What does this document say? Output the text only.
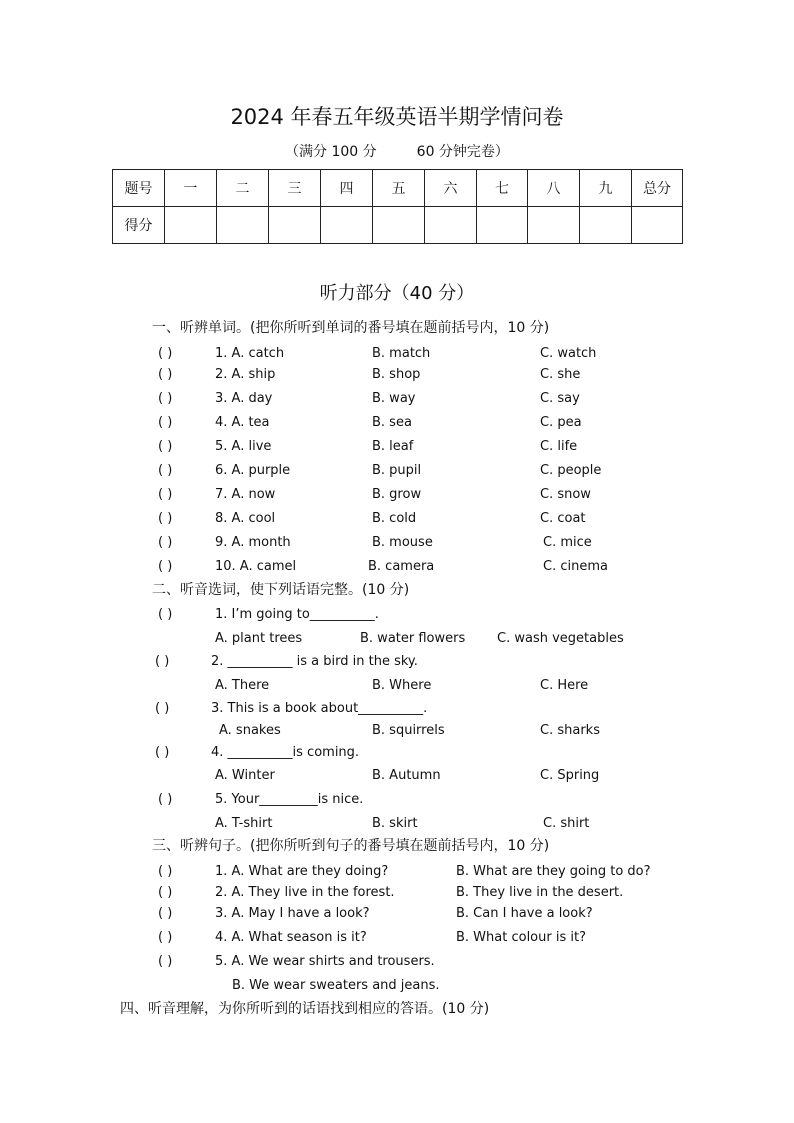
2024 年春五年级英语半期学情问卷
（满分 100 分	60 分钟完卷）
题号	一	二	三	四	五	六	七	八	九	总分
得分										
听力部分（40 分）
一、听辨单词。(把你所听到单词的番号填在题前括号内，10 分)
( )	1. A. catch	B. match	C. watch
( )	2. A. ship	B. shop	C. she
( )	3. A. day	B. way	C. say
( )	4. A. tea	B. sea	C. pea
( )	5. A. live	B. leaf	C. life
( )	6. A. purple	B. pupil	C. people
( )	7. A. now	B. grow	C. snow
( )	8. A. cool	B. cold	C. coat
( )	9. A. month	B. mouse	C. mice
( )	10. A. camel	B. camera	C. cinema
二、听音选词，使下列话语完整。(10 分)
( )	1. I’m going to__________.
A. plant trees	B. water flowers C. wash vegetables
( )	2. __________ is a bird in the sky.
A. There	B. Where	C. Here
( )	3. This is a book about__________.
A. snakes	B. squirrels	C. sharks
( )	4. __________is coming.
A. Winter	B. Autumn	C. Spring
( )	5. Your_________is nice.
A. T-shirt	B. skirt	C. shirt
三、听辨句子。(把你所听到句子的番号填在题前括号内，10 分)
( )	1. A. What are they doing?	B. What are they going to do?
( )	2. A. They live in the forest.	B. They live in the desert.
( )	3. A. May I have a look?	B. Can I have a look?
( )	4. A. What season is it?	B. What colour is it?
( )	5. A. We wear shirts and trousers.
B. We wear sweaters and jeans.
四、听音理解，为你所听到的话语找到相应的答语。(10 分)
